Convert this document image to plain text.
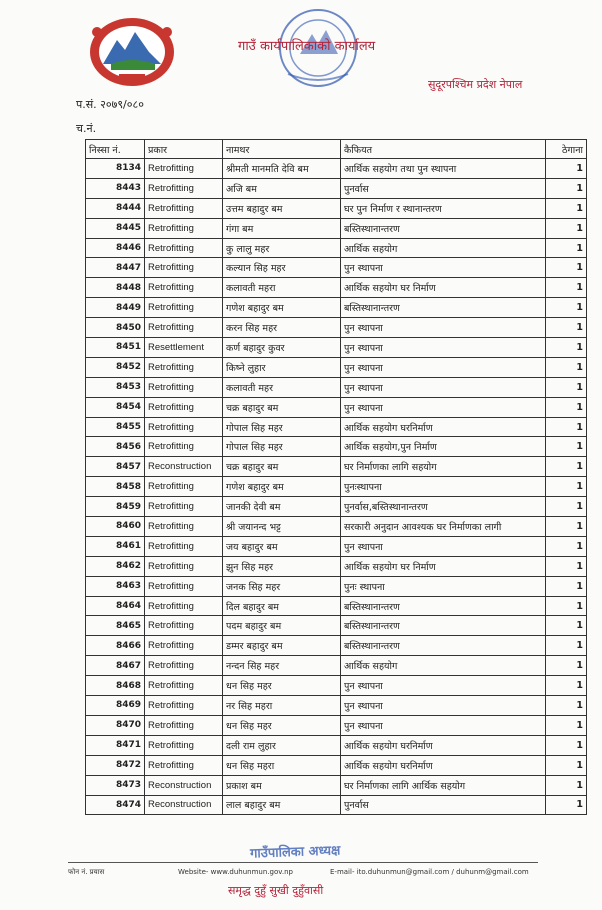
गाउँ कार्यपालिकाको कार्यालय
सुदूरपश्चिम प्रदेश नेपाल
प.सं. २०७९/०८०
च.नं.
निस्सा नं.	प्रकार	नामथर	कैफियत	ठेगाना
8134	Retrofitting	श्रीमती मानमति देवि बम	आर्थिक सहयोग तथा पुन स्थापना	1
8443	Retrofitting	अजि बम	पुनर्वास	1
8444	Retrofitting	उत्तम बहादुर बम	घर पुन निर्माण र स्थानान्तरण	1
8445	Retrofitting	गंगा बम	बस्तिस्थानान्तरण	1
8446	Retrofitting	कु लालु महर	आर्थिक सहयोग	1
8447	Retrofitting	कल्यान सिह महर	पुन स्थापना	1
8448	Retrofitting	कलावती महरा	आर्थिक सहयोग घर निर्माण	1
8449	Retrofitting	गणेश बहादुर बम	बस्तिस्थानान्तरण	1
8450	Retrofitting	करन सिह महर	पुन स्थापना	1
8451	Resettlement	कर्ण बहादुर कुवर	पुन स्थापना	1
8452	Retrofitting	किष्ने लुहार	पुन स्थापना	1
8453	Retrofitting	कलावती महर	पुन स्थापना	1
8454	Retrofitting	चक्र बहादुर बम	पुन स्थापना	1
8455	Retrofitting	गोपाल सिह महर	आर्थिक सहयोग घरनिर्माण	1
8456	Retrofitting	गोपाल सिह महर	आर्थिक सहयोग,पुन निर्माण	1
8457	Reconstruction	चक्र बहादुर बम	घर निर्माणका लागि सहयोग	1
8458	Retrofitting	गणेश बहादुर बम	पुनःस्थापना	1
8459	Retrofitting	जानकी देवी बम	पुनर्वास,बस्तिस्थानान्तरण	1
8460	Retrofitting	श्री जयानन्द भट्ट	सरकारी अनुदान आवश्यक घर निर्माणका लागी	1
8461	Retrofitting	जय बहादुर बम	पुन स्थापना	1
8462	Retrofitting	झुन सिह महर	आर्थिक सहयोग घर निर्माण	1
8463	Retrofitting	जनक सिह महर	पुनः स्थापना	1
8464	Retrofitting	दिल बहादुर बम	बस्तिस्थानान्तरण	1
8465	Retrofitting	पदम बहादुर बम	बस्तिस्थानान्तरण	1
8466	Retrofitting	डम्मर बहादुर बम	बस्तिस्थानान्तरण	1
8467	Retrofitting	नन्दन सिह महर	आर्थिक सहयोग	1
8468	Retrofitting	धन सिह महर	पुन स्थापना	1
8469	Retrofitting	नर सिह महरा	पुन स्थापना	1
8470	Retrofitting	धन सिह महर	पुन स्थापना	1
8471	Retrofitting	दली राम लुहार	आर्थिक सहयोग घरनिर्माण	1
8472	Retrofitting	धन सिह महरा	आर्थिक सहयोग घरनिर्माण	1
8473	Reconstruction	प्रकाश बम	घर निर्माणका लागि आर्थिक सहयोग	1
8474	Reconstruction	लाल बहादुर बम	पुनर्वास	1
गाउँपालिका अध्यक्ष
फोन नं. प्रयास	Website- www.duhunmun.gov.np	E-mail- ito.duhunmun@gmail.com / duhunm@gmail.com
समृद्ध दुहुँ सुखी दुहुँवासी
